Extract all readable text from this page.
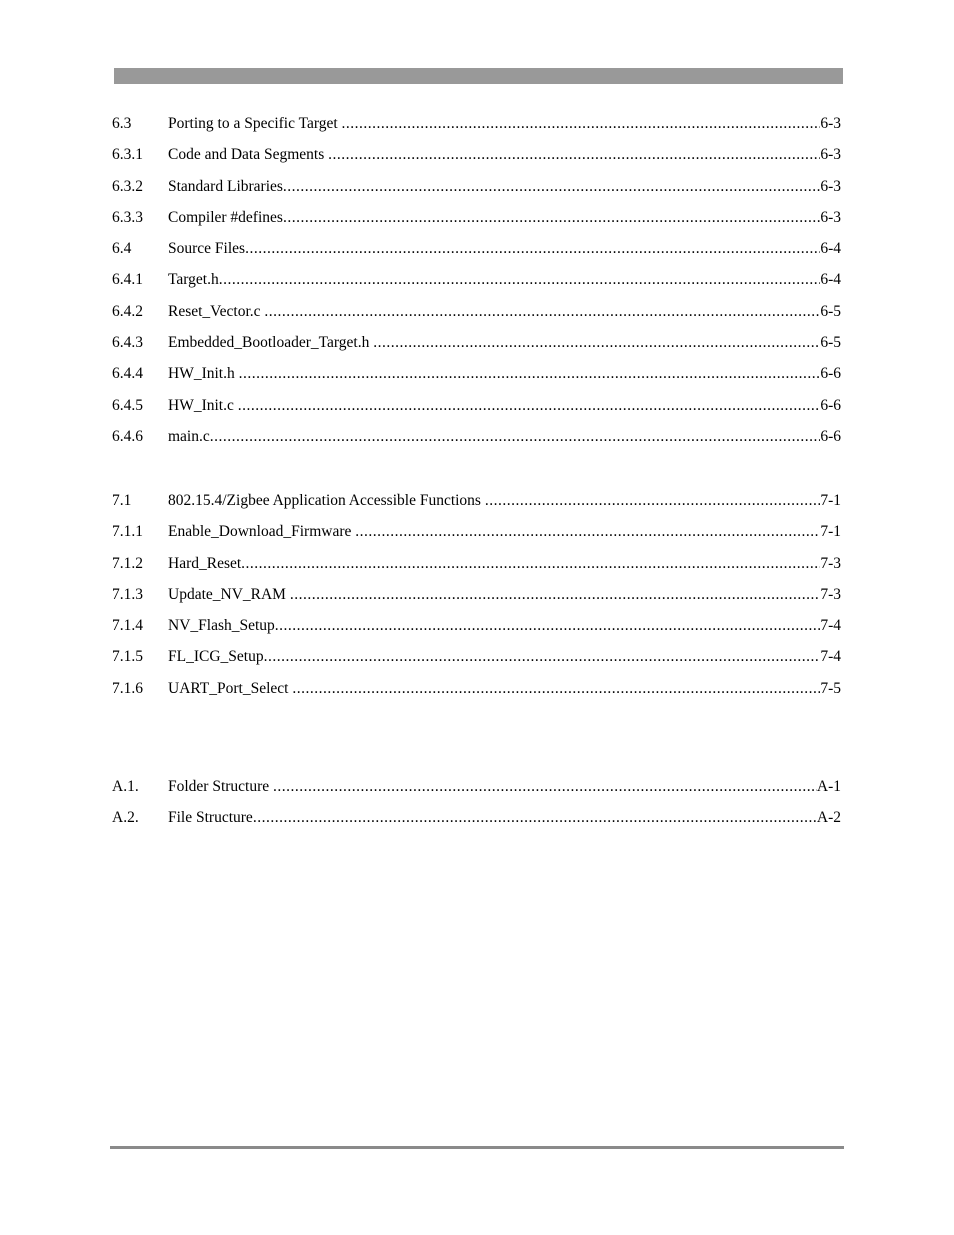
6.3	Porting to a Specific Target .....	6-3
6.3.1	Code and Data Segments .....	6-3
6.3.2	Standard Libraries .....	6-3
6.3.3	Compiler #defines .....	6-3
6.4	Source Files .....	6-4
6.4.1	Target.h .....	6-4
6.4.2	Reset_Vector.c .....	6-5
6.4.3	Embedded_Bootloader_Target.h .....	6-5
6.4.4	HW_Init.h .....	6-6
6.4.5	HW_Init.c .....	6-6
6.4.6	main.c .....	6-6
7.1	802.15.4/Zigbee Application Accessible Functions .....	7-1
7.1.1	Enable_Download_Firmware .....	7-1
7.1.2	Hard_Reset .....	7-3
7.1.3	Update_NV_RAM .....	7-3
7.1.4	NV_Flash_Setup .....	7-4
7.1.5	FL_ICG_Setup .....	7-4
7.1.6	UART_Port_Select .....	7-5
A.1.	Folder Structure .....	A-1
A.2.	File Structure .....	A-2
